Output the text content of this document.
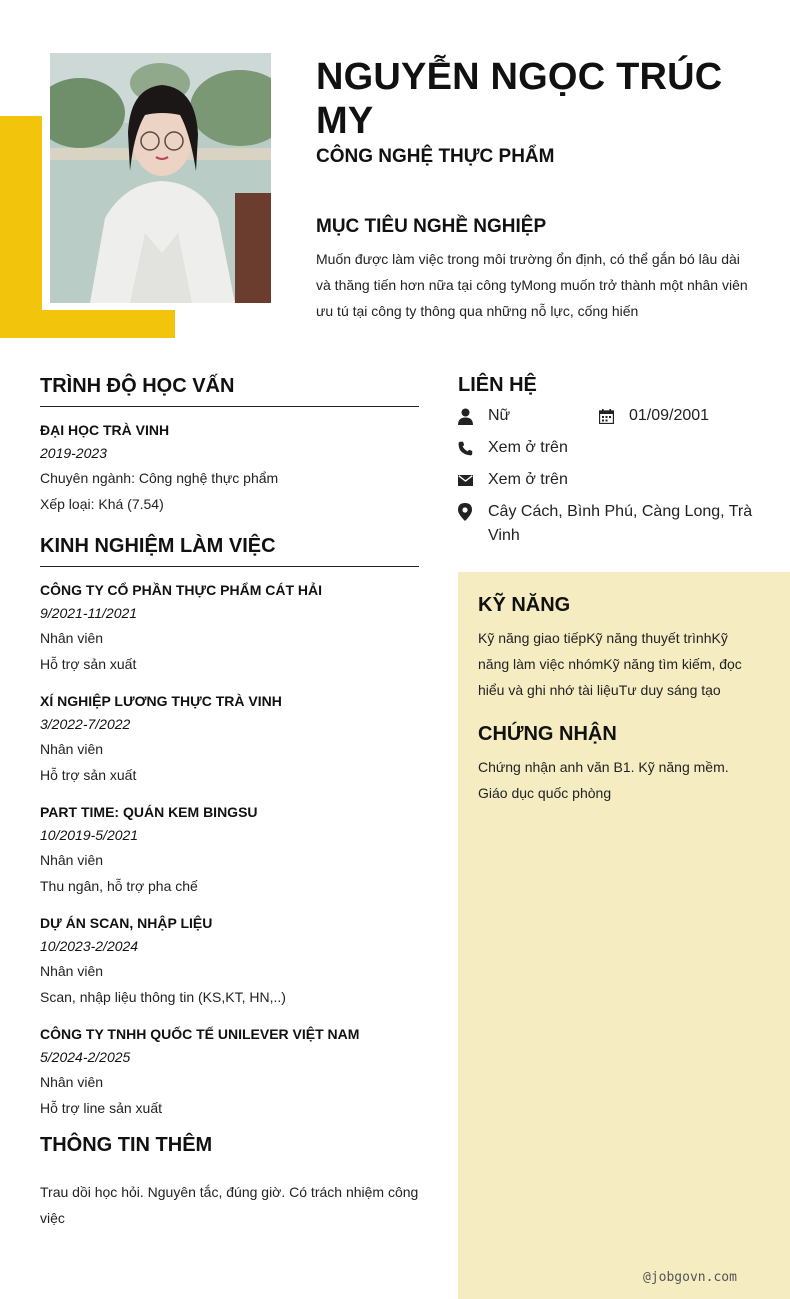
NGUYỄN NGỌC TRÚC MY
CÔNG NGHỆ THỰC PHẨM
MỤC TIÊU NGHỀ NGHIỆP
Muốn được làm việc trong môi trường ổn định, có thể gắn bó lâu dài và thăng tiến hơn nữa tại công tyMong muốn trở thành một nhân viên ưu tú tại công ty thông qua những nỗ lực, cống hiến
TRÌNH ĐỘ HỌC VẤN
ĐẠI HỌC TRÀ VINH
2019-2023
Chuyên ngành: Công nghệ thực phẩm
Xếp loại: Khá (7.54)
KINH NGHIỆM LÀM VIỆC
CÔNG TY CỔ PHẦN THỰC PHẨM CÁT HẢI
9/2021-11/2021
Nhân viên
Hỗ trợ sản xuất
XÍ NGHIỆP LƯƠNG THỰC TRÀ VINH
3/2022-7/2022
Nhân viên
Hỗ trợ sản xuất
PART TIME: QUÁN KEM BINGSU
10/2019-5/2021
Nhân viên
Thu ngân, hỗ trợ pha chế
DỰ ÁN SCAN, NHẬP LIỆU
10/2023-2/2024
Nhân viên
Scan, nhập liệu thông tin (KS,KT, HN,..)
CÔNG TY TNHH QUỐC TẾ UNILEVER VIỆT NAM
5/2024-2/2025
Nhân viên
Hỗ trợ line sản xuất
THÔNG TIN THÊM
Trau dồi học hỏi. Nguyên tắc, đúng giờ. Có trách nhiệm công việc
LIÊN HỆ
Nữ	01/09/2001
Xem ở trên
Xem ở trên
Cây Cách, Bình Phú, Càng Long, Trà Vinh
KỸ NĂNG
Kỹ năng giao tiếpKỹ năng thuyết trìnhKỹ năng làm việc nhómKỹ năng tìm kiếm, đọc hiểu và ghi nhớ tài liệuTư duy sáng tạo
CHỨNG NHẬN
Chứng nhận anh văn B1. Kỹ năng mềm. Giáo dục quốc phòng
@jobgovn.com
